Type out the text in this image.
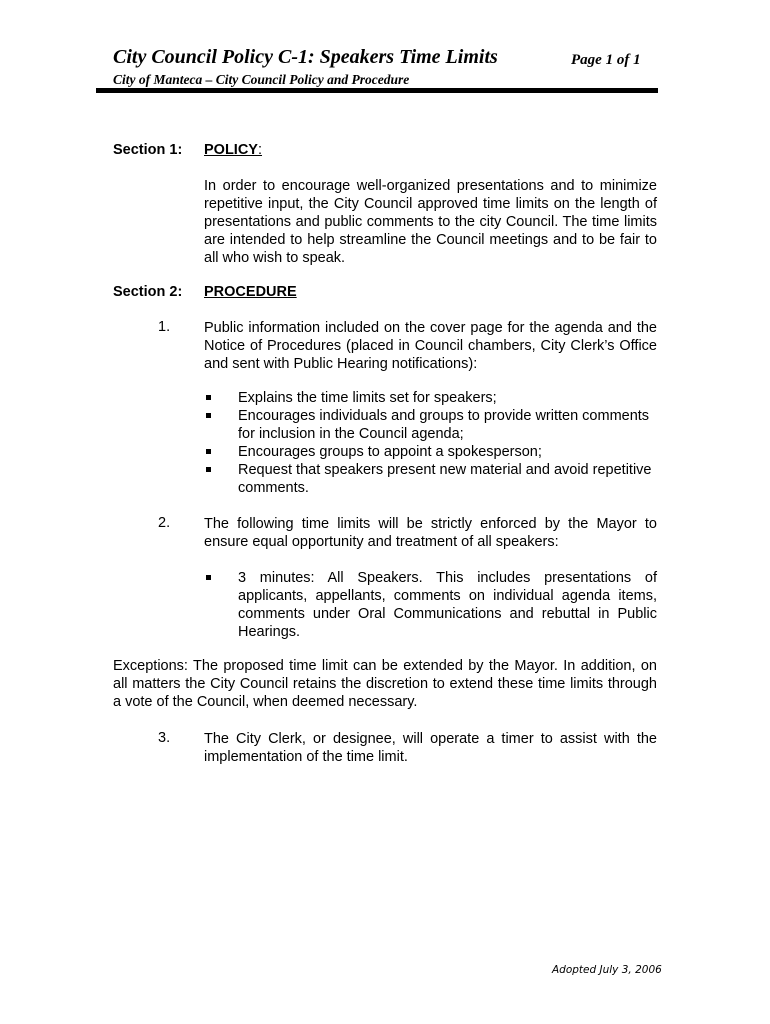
City Council Policy C-1: Speakers Time Limits	Page 1 of 1
City of Manteca – City Council Policy and Procedure
Section 1: POLICY:
In order to encourage well-organized presentations and to minimize repetitive input, the City Council approved time limits on the length of presentations and public comments to the city Council. The time limits are intended to help streamline the Council meetings and to be fair to all who wish to speak.
Section 2: PROCEDURE
1. Public information included on the cover page for the agenda and the Notice of Procedures (placed in Council chambers, City Clerk’s Office and sent with Public Hearing notifications):
Explains the time limits set for speakers;
Encourages individuals and groups to provide written comments for inclusion in the Council agenda;
Encourages groups to appoint a spokesperson;
Request that speakers present new material and avoid repetitive comments.
2. The following time limits will be strictly enforced by the Mayor to ensure equal opportunity and treatment of all speakers:
3 minutes: All Speakers. This includes presentations of applicants, appellants, comments on individual agenda items, comments under Oral Communications and rebuttal in Public Hearings.
Exceptions: The proposed time limit can be extended by the Mayor. In addition, on all matters the City Council retains the discretion to extend these time limits through a vote of the Council, when deemed necessary.
3. The City Clerk, or designee, will operate a timer to assist with the implementation of the time limit.
Adopted July 3, 2006
